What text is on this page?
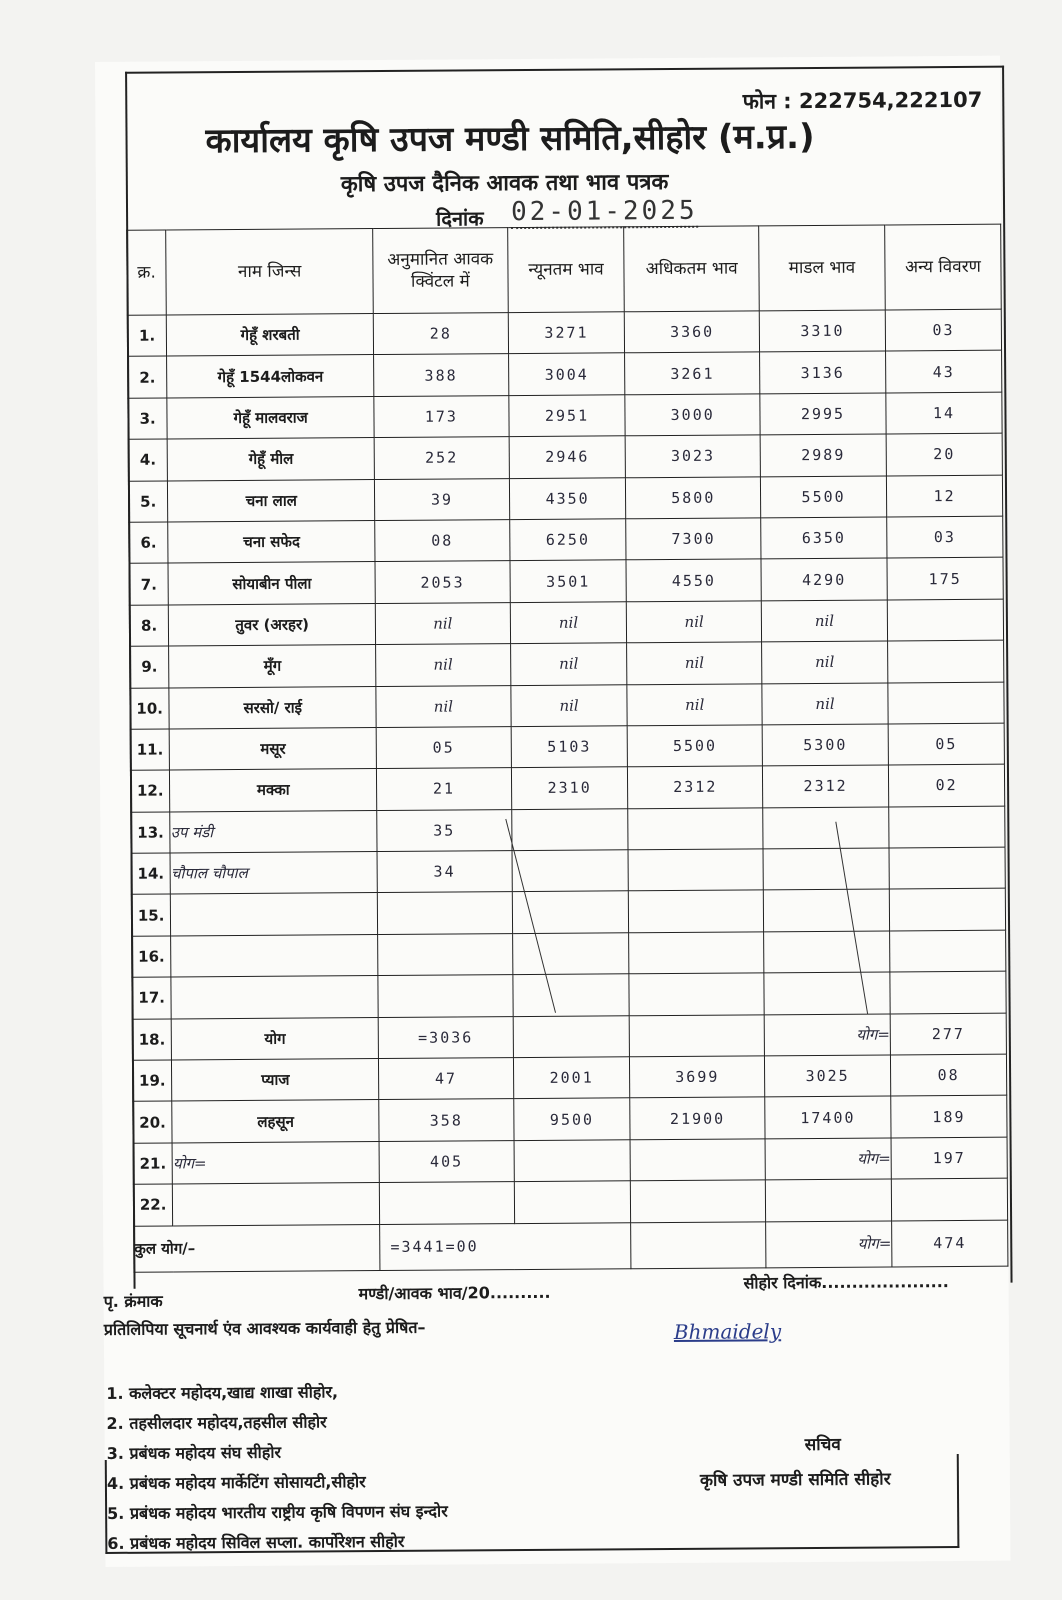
फोन : 222754,222107
कार्यालय कृषि उपज मण्डी समिति,सीहोर (म.प्र.)
कृषि उपज दैनिक आवक तथा भाव पत्रक
दिनांक 02-01-2025
क्र.	नाम जिन्स	अनुमानित आवक क्विंटल में	न्यूनतम भाव	अधिकतम भाव	माडल भाव	अन्य विवरण
1.	गेहूँ शरबती	28	3271	3360	3310	03
2.	गेहूँ 1544लोकवन	388	3004	3261	3136	43
3.	गेहूँ मालवराज	173	2951	3000	2995	14
4.	गेहूँ मील	252	2946	3023	2989	20
5.	चना लाल	39	4350	5800	5500	12
6.	चना सफेद	08	6250	7300	6350	03
7.	सोयाबीन पीला	2053	3501	4550	4290	175
8.	तुवर (अरहर)	nil	nil	nil	nil	
9.	मूँग	nil	nil	nil	nil	
10.	सरसो/ राई	nil	nil	nil	nil	
11.	मसूर	05	5103	5500	5300	05
12.	मक्का	21	2310	2312	2312	02
13.	उप मंडी	35				
14.	चौपाल चौपाल	34				
15.						
16.						
17.						
18.	योग	=3036			योग=	277
19.	प्याज	47	2001	3699	3025	08
20.	लहसून	358	9500	21900	17400	189
21.	योग=	405			योग=	197
22.						
कुल योग/–		=3441=00			योग=	474
पृ. क्रंमाक	मण्डी/आवक भाव/20..........
सीहोर दिनांक.....................
प्रतिलिपिया सूचनार्थ एंव आवश्यक कार्यवाही हेतु प्रेषित–
1. कलेक्टर महोदय,खाद्य शाखा सीहोर,
2. तहसीलदार महोदय,तहसील सीहोर
3. प्रबंधक महोदय संघ सीहोर
4. प्रबंधक महोदय मार्केटिंग सोसायटी,सीहोर
5. प्रबंधक महोदय भारतीय राष्ट्रीय कृषि विपणन संघ इन्दोर
6. प्रबंधक महोदय सिविल सप्ला. कार्पोरेशन सीहोर
Bhmaidely
सचिव
कृषि उपज मण्डी समिति सीहोर
